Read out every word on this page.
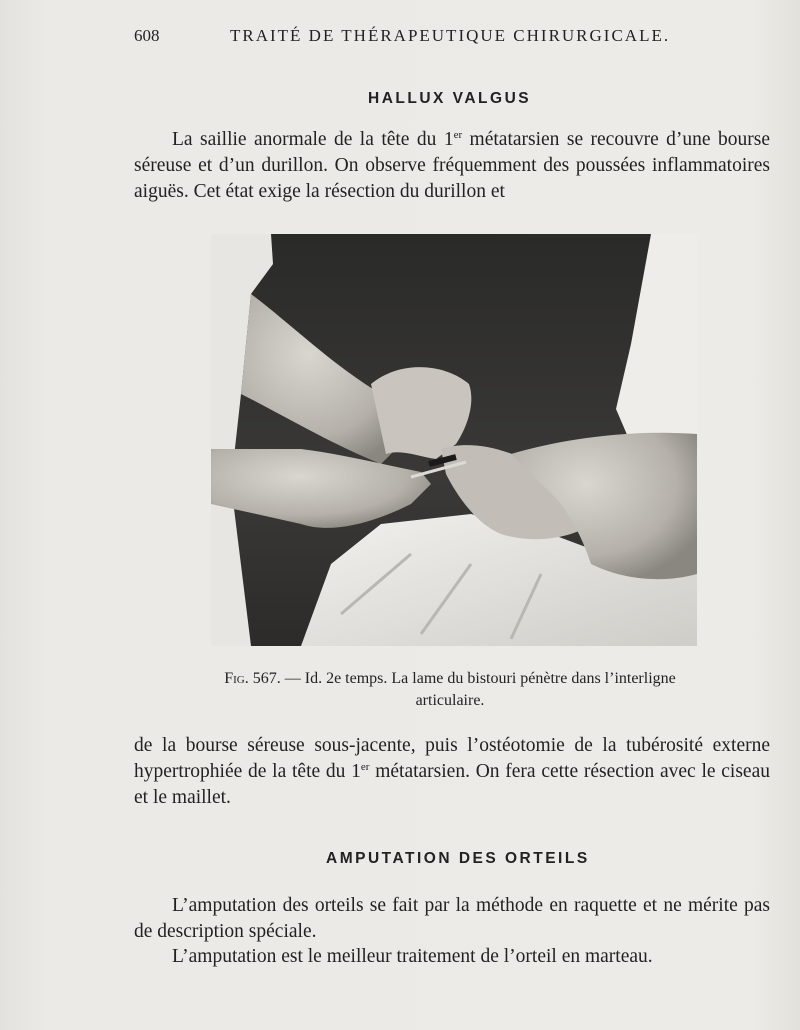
608	TRAITÉ DE THÉRAPEUTIQUE CHIRURGICALE.
HALLUX VALGUS

La saillie anormale de la tête du 1er métatarsien se recouvre d’une bourse séreuse et d’un durillon. On observe fréquemment des poussées inflammatoires aiguës. Cet état exige la résection du durillon et

Fig. 567. — Id. 2e temps. La lame du bistouri pénètre dans l’interligne articulaire.

de la bourse séreuse sous-jacente, puis l’ostéotomie de la tubérosité externe hypertrophiée de la tête du 1er métatarsien. On fera cette résection avec le ciseau et le maillet.

AMPUTATION DES ORTEILS

L’amputation des orteils se fait par la méthode en raquette et ne mérite pas de description spéciale.

L’amputation est le meilleur traitement de l’orteil en marteau.
